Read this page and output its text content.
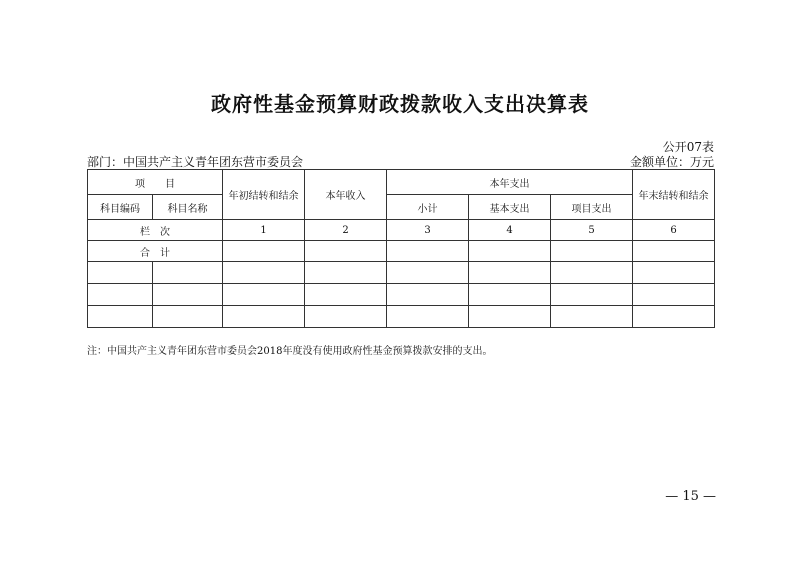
政府性基金预算财政拨款收入支出决算表
公开07表
部门：中国共产主义青年团东营市委员会	金额单位：万元
项　　目		年初结转和结余	本年收入	本年支出			年末结转和结余
科目编码	科目名称			小计	基本支出	项目支出	
栏　次		1	2	3	4	5	6
合　计							

注：中国共产主义青年团东营市委员会2018年度没有使用政府性基金预算拨款安排的支出。
— 15 —
